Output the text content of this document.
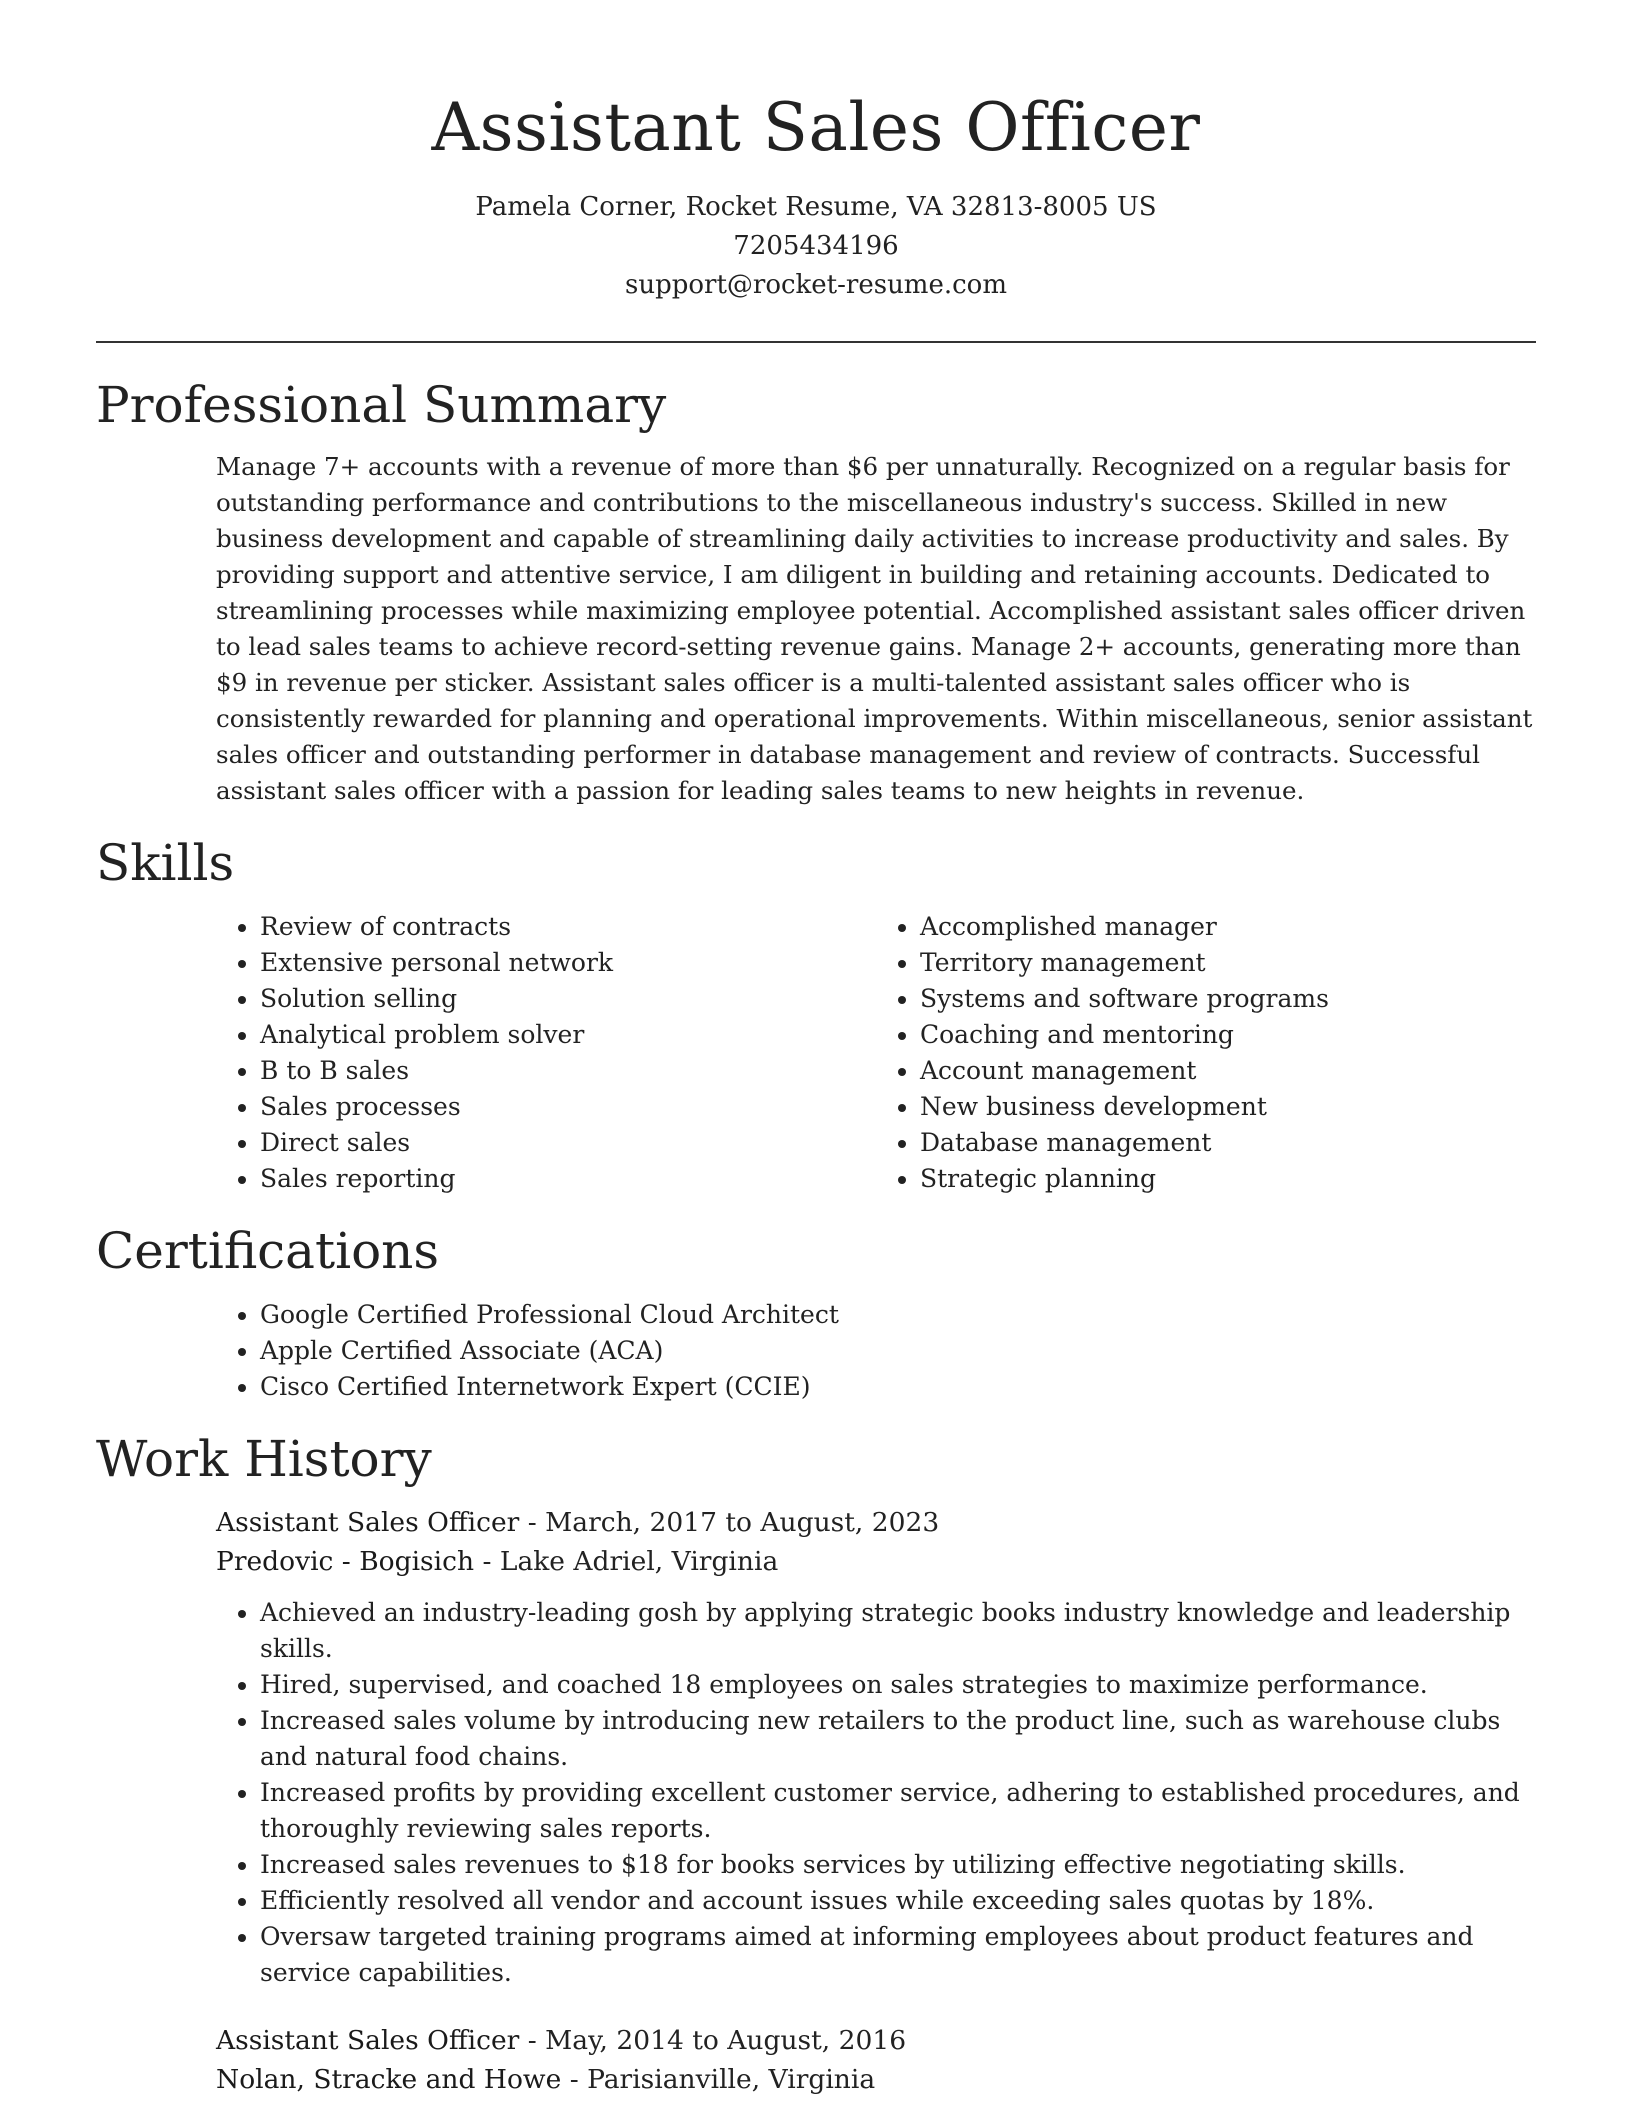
Assistant Sales Officer
Pamela Corner, Rocket Resume, VA 32813-8005 US
7205434196
support@rocket-resume.com
Professional Summary
Manage 7+ accounts with a revenue of more than $6 per unnaturally. Recognized on a regular basis for outstanding performance and contributions to the miscellaneous industry's success. Skilled in new business development and capable of streamlining daily activities to increase productivity and sales. By providing support and attentive service, I am diligent in building and retaining accounts. Dedicated to streamlining processes while maximizing employee potential. Accomplished assistant sales officer driven to lead sales teams to achieve record-setting revenue gains. Manage 2+ accounts, generating more than $9 in revenue per sticker. Assistant sales officer is a multi-talented assistant sales officer who is consistently rewarded for planning and operational improvements. Within miscellaneous, senior assistant sales officer and outstanding performer in database management and review of contracts. Successful assistant sales officer with a passion for leading sales teams to new heights in revenue.
Skills
• Review of contracts
• Extensive personal network
• Solution selling
• Analytical problem solver
• B to B sales
• Sales processes
• Direct sales
• Sales reporting
• Accomplished manager
• Territory management
• Systems and software programs
• Coaching and mentoring
• Account management
• New business development
• Database management
• Strategic planning
Certifications
• Google Certified Professional Cloud Architect
• Apple Certified Associate (ACA)
• Cisco Certified Internetwork Expert (CCIE)
Work History
Assistant Sales Officer - March, 2017 to August, 2023
Predovic - Bogisich - Lake Adriel, Virginia
• Achieved an industry-leading gosh by applying strategic books industry knowledge and leadership skills.
• Hired, supervised, and coached 18 employees on sales strategies to maximize performance.
• Increased sales volume by introducing new retailers to the product line, such as warehouse clubs and natural food chains.
• Increased profits by providing excellent customer service, adhering to established procedures, and thoroughly reviewing sales reports.
• Increased sales revenues to $18 for books services by utilizing effective negotiating skills.
• Efficiently resolved all vendor and account issues while exceeding sales quotas by 18%.
• Oversaw targeted training programs aimed at informing employees about product features and service capabilities.
Assistant Sales Officer - May, 2014 to August, 2016
Nolan, Stracke and Howe - Parisianville, Virginia
